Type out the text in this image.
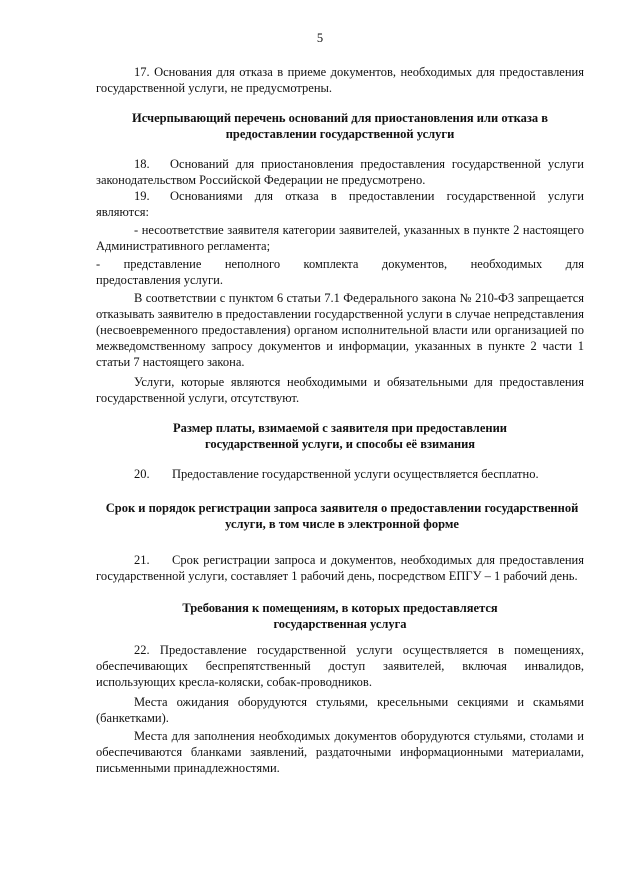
5

17. Основания для отказа в приеме документов, необходимых для предоставления государственной услуги, не предусмотрены.

Исчерпывающий перечень оснований для приостановления или отказа в

предоставлении государственной услуги

18. Оснований для приостановления предоставления государственной услуги законодательством Российской Федерации не предусмотрено.

19. Основаниями для отказа в предоставлении государственной услуги являются:

- несоответствие заявителя категории заявителей, указанных в пункте 2 настоящего Административного регламента;

- представление неполного комплекта документов, необходимых для

предоставления услуги.

В соответствии с пунктом 6 статьи 7.1 Федерального закона № 210-ФЗ запрещается отказывать заявителю в предоставлении государственной услуги в случае непредставления (несвоевременного предоставления) органом исполнительной власти или организацией по межведомственному запросу документов и информации, указанных в пункте 2 части 1 статьи 7 настоящего закона.

Услуги, которые являются необходимыми и обязательными для предоставления государственной услуги, отсутствуют.

Размер платы, взимаемой с заявителя при предоставлении

государственной услуги, и способы её взимания

20. Предоставление государственной услуги осуществляется бесплатно.

Срок и порядок регистрации запроса заявителя о предоставлении государственной

услуги, в том числе в электронной форме

21. Срок регистрации запроса и документов, необходимых для предоставления государственной услуги, составляет 1 рабочий день, посредством ЕПГУ – 1 рабочий день.

Требования к помещениям, в которых предоставляется

государственная услуга

22. Предоставление государственной услуги осуществляется в помещениях, обеспечивающих беспрепятственный доступ заявителей, включая инвалидов, использующих кресла-коляски, собак-проводников.

Места ожидания оборудуются стульями, кресельными секциями и скамьями (банкетками).

Места для заполнения необходимых документов оборудуются стульями, столами и обеспечиваются бланками заявлений, раздаточными информационными материалами, письменными принадлежностями.
